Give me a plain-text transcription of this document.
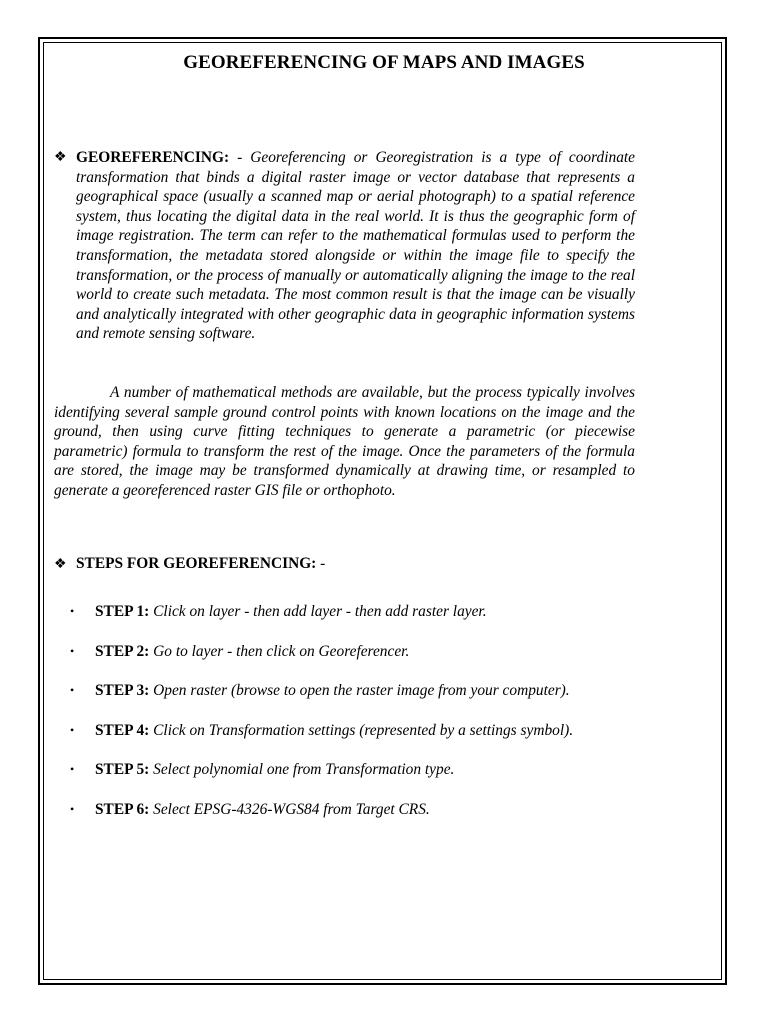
GEOREFERENCING OF MAPS AND IMAGES
❖ GEOREFERENCING: - Georeferencing or Georegistration is a type of coordinate transformation that binds a digital raster image or vector database that represents a geographical space (usually a scanned map or aerial photograph) to a spatial reference system, thus locating the digital data in the real world. It is thus the geographic form of image registration. The term can refer to the mathematical formulas used to perform the transformation, the metadata stored alongside or within the image file to specify the transformation, or the process of manually or automatically aligning the image to the real world to create such metadata. The most common result is that the image can be visually and analytically integrated with other geographic data in geographic information systems and remote sensing software.
A number of mathematical methods are available, but the process typically involves identifying several sample ground control points with known locations on the image and the ground, then using curve fitting techniques to generate a parametric (or piecewise parametric) formula to transform the rest of the image. Once the parameters of the formula are stored, the image may be transformed dynamically at drawing time, or resampled to generate a georeferenced raster GIS file or orthophoto.
❖ STEPS FOR GEOREFERENCING: -
• STEP 1: Click on layer - then add layer - then add raster layer.
• STEP 2: Go to layer - then click on Georeferencer.
• STEP 3: Open raster (browse to open the raster image from your computer).
• STEP 4: Click on Transformation settings (represented by a settings symbol).
• STEP 5: Select polynomial one from Transformation type.
• STEP 6: Select EPSG-4326-WGS84 from Target CRS.
